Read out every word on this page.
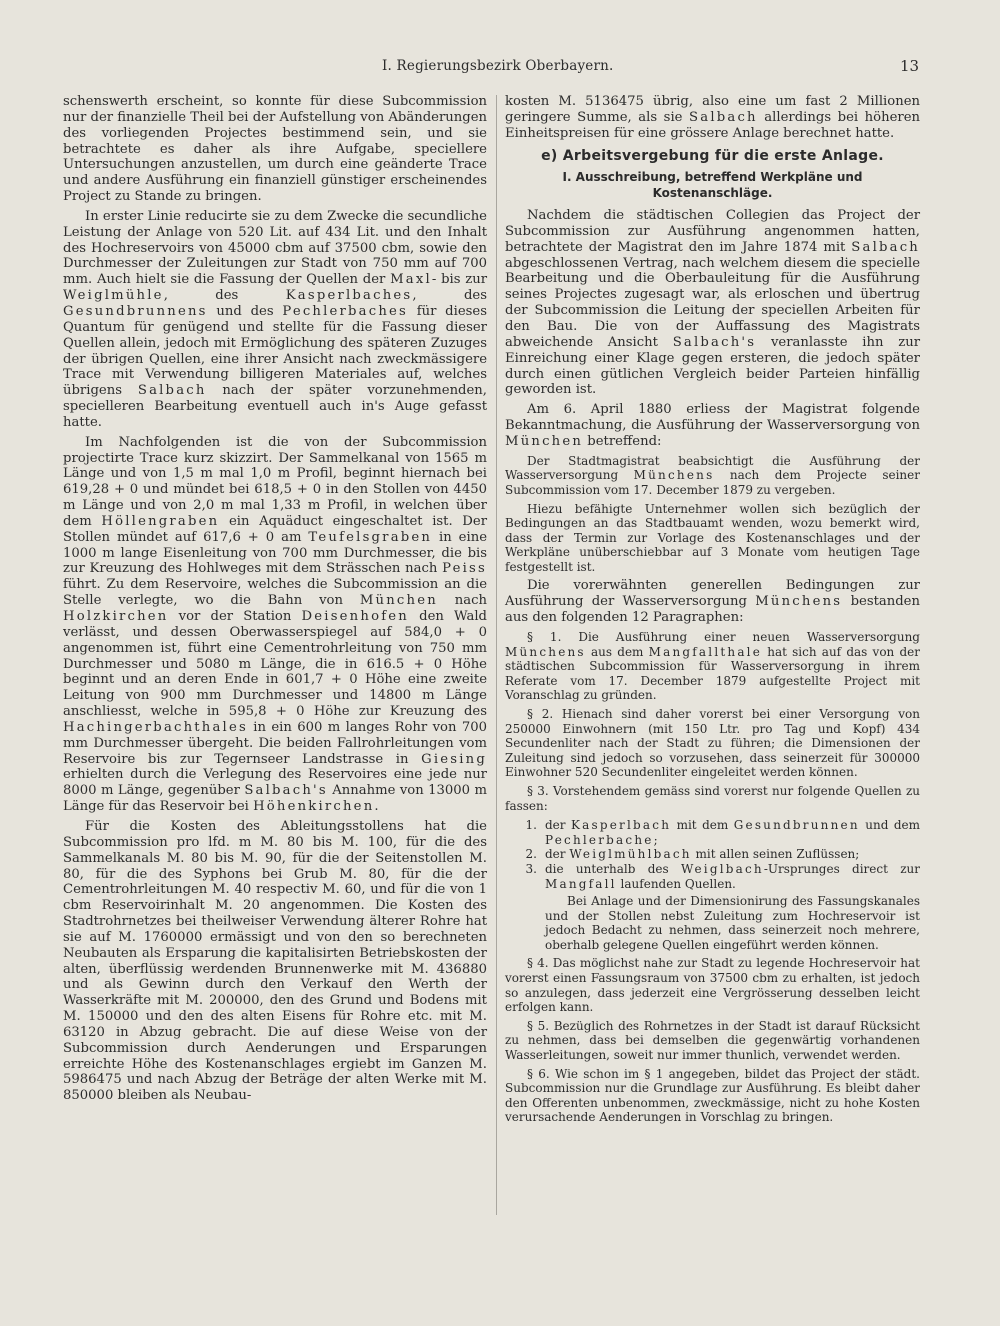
I. Regierungsbezirk Oberbayern.	13

schenswerth erscheint, so konnte für diese Subcommission nur der finanzielle Theil bei der Aufstellung von Abänderungen des vorliegenden Projectes bestimmend sein, und sie betrachtete es daher als ihre Aufgabe, speciellere Untersuchungen anzustellen, um durch eine geänderte Trace und andere Ausführung ein finanziell günstiger erscheinendes Project zu Stande zu bringen.

In erster Linie reducirte sie zu dem Zwecke die secundliche Leistung der Anlage von 520 Lit. auf 434 Lit. und den Inhalt des Hochreservoirs von 45000 cbm auf 37500 cbm, sowie den Durchmesser der Zuleitungen zur Stadt von 750 mm auf 700 mm. Auch hielt sie die Fassung der Quellen der Maxl- bis zur Weiglmühle, des Kasperlbaches, des Gesundbrunnens und des Pechlerbaches für dieses Quantum für genügend und stellte für die Fassung dieser Quellen allein, jedoch mit Ermöglichung des späteren Zuzuges der übrigen Quellen, eine ihrer Ansicht nach zweckmässigere Trace mit Verwendung billigeren Materiales auf, welches übrigens Salbach nach der später vorzunehmenden, specielleren Bearbeitung eventuell auch in's Auge gefasst hatte.

Im Nachfolgenden ist die von der Subcommission projectirte Trace kurz skizzirt. Der Sammelkanal von 1565 m Länge und von 1,5 m mal 1,0 m Profil, beginnt hiernach bei 619,28 + 0 und mündet bei 618,5 + 0 in den Stollen von 4450 m Länge und von 2,0 m mal 1,33 m Profil, in welchen über dem Höllengraben ein Aquäduct eingeschaltet ist. Der Stollen mündet auf 617,6 + 0 am Teufelsgraben in eine 1000 m lange Eisenleitung von 700 mm Durchmesser, die bis zur Kreuzung des Hohlweges mit dem Strässchen nach Peiss führt. Zu dem Reservoire, welches die Subcommission an die Stelle verlegte, wo die Bahn von München nach Holzkirchen vor der Station Deisenhofen den Wald verlässt, und dessen Oberwasserspiegel auf 584,0 + 0 angenommen ist, führt eine Cementrohrleitung von 750 mm Durchmesser und 5080 m Länge, die in 616.5 + 0 Höhe beginnt und an deren Ende in 601,7 + 0 Höhe eine zweite Leitung von 900 mm Durchmesser und 14800 m Länge anschliesst, welche in 595,8 + 0 Höhe zur Kreuzung des Hachingerbachthales in ein 600 m langes Rohr von 700 mm Durchmesser übergeht. Die beiden Fallrohrleitungen vom Reservoire bis zur Tegernseer Landstrasse in Giesing erhielten durch die Verlegung des Reservoires eine jede nur 8000 m Länge, gegenüber Salbach's Annahme von 13000 m Länge für das Reservoir bei Höhenkirchen.

Für die Kosten des Ableitungsstollens hat die Subcommission pro lfd. m M. 80 bis M. 100, für die des Sammelkanals M. 80 bis M. 90, für die der Seitenstollen M. 80, für die des Syphons bei Grub M. 80, für die der Cementrohrleitungen M. 40 respectiv M. 60, und für die von 1 cbm Reservoirinhalt M. 20 angenommen. Die Kosten des Stadtrohrnetzes bei theilweiser Verwendung älterer Rohre hat sie auf M. 1760000 ermässigt und von den so berechneten Neubauten als Ersparung die kapitalisirten Betriebskosten der alten, überflüssig werdenden Brunnenwerke mit M. 436880 und als Gewinn durch den Verkauf den Werth der Wasserkräfte mit M. 200000, den des Grund und Bodens mit M. 150000 und den des alten Eisens für Rohre etc. mit M. 63120 in Abzug gebracht. Die auf diese Weise von der Subcommission durch Aenderungen und Ersparungen erreichte Höhe des Kostenanschlages ergiebt im Ganzen M. 5986475 und nach Abzug der Beträge der alten Werke mit M. 850000 bleiben als Neubau-

kosten M. 5136475 übrig, also eine um fast 2 Millionen geringere Summe, als sie Salbach allerdings bei höheren Einheitspreisen für eine grössere Anlage berechnet hatte.

e) Arbeitsvergebung für die erste Anlage.
I. Ausschreibung, betreffend Werkpläne und Kostenanschläge.

Nachdem die städtischen Collegien das Project der Subcommission zur Ausführung angenommen hatten, betrachtete der Magistrat den im Jahre 1874 mit Salbach abgeschlossenen Vertrag, nach welchem diesem die specielle Bearbeitung und die Oberbauleitung für die Ausführung seines Projectes zugesagt war, als erloschen und übertrug der Subcommission die Leitung der speciellen Arbeiten für den Bau. Die von der Auffassung des Magistrats abweichende Ansicht Salbach's veranlasste ihn zur Einreichung einer Klage gegen ersteren, die jedoch später durch einen gütlichen Vergleich beider Parteien hinfällig geworden ist.

Am 6. April 1880 erliess der Magistrat folgende Bekanntmachung, die Ausführung der Wasserversorgung von München betreffend:

Der Stadtmagistrat beabsichtigt die Ausführung der Wasserversorgung Münchens nach dem Projecte seiner Subcommission vom 17. December 1879 zu vergeben.

Hiezu befähigte Unternehmer wollen sich bezüglich der Bedingungen an das Stadtbauamt wenden, wozu bemerkt wird, dass der Termin zur Vorlage des Kostenanschlages und der Werkpläne unüberschiebbar auf 3 Monate vom heutigen Tage festgestellt ist.

Die vorerwähnten generellen Bedingungen zur Ausführung der Wasserversorgung Münchens bestanden aus den folgenden 12 Paragraphen:

§ 1. Die Ausführung einer neuen Wasserversorgung Münchens aus dem Mangfallthale hat sich auf das von der städtischen Subcommission für Wasserversorgung in ihrem Referate vom 17. December 1879 aufgestellte Project mit Voranschlag zu gründen.

§ 2. Hienach sind daher vorerst bei einer Versorgung von 250000 Einwohnern (mit 150 Ltr. pro Tag und Kopf) 434 Secundenliter nach der Stadt zu führen; die Dimensionen der Zuleitung sind jedoch so vorzusehen, dass seinerzeit für 300000 Einwohner 520 Secundenliter eingeleitet werden können.

§ 3. Vorstehendem gemäss sind vorerst nur folgende Quellen zu fassen:

1. der Kasperlbach mit dem Gesundbrunnen und dem Pechlerbache;
2. der Weiglmühlbach mit allen seinen Zuflüssen;
3. die unterhalb des Weiglbach-Ursprunges direct zur Mangfall laufenden Quellen.

Bei Anlage und der Dimensionirung des Fassungskanales und der Stollen nebst Zuleitung zum Hochreservoir ist jedoch Bedacht zu nehmen, dass seinerzeit noch mehrere, oberhalb gelegene Quellen eingeführt werden können.

§ 4. Das möglichst nahe zur Stadt zu legende Hochreservoir hat vorerst einen Fassungsraum von 37500 cbm zu erhalten, ist jedoch so anzulegen, dass jederzeit eine Vergrösserung desselben leicht erfolgen kann.

§ 5. Bezüglich des Rohrnetzes in der Stadt ist darauf Rücksicht zu nehmen, dass bei demselben die gegenwärtig vorhandenen Wasserleitungen, soweit nur immer thunlich, verwendet werden.

§ 6. Wie schon im § 1 angegeben, bildet das Project der städt. Subcommission nur die Grundlage zur Ausführung. Es bleibt daher den Offerenten unbenommen, zweckmässige, nicht zu hohe Kosten verursachende Aenderungen in Vorschlag zu bringen.
